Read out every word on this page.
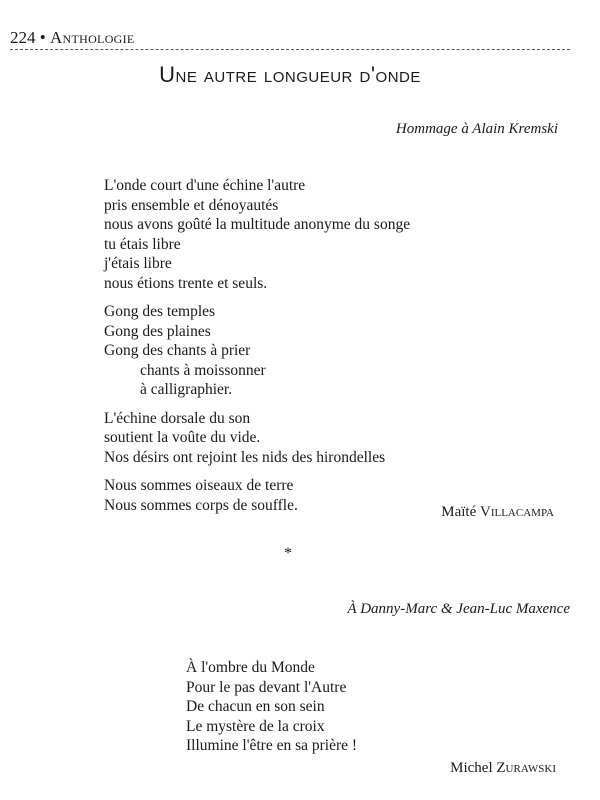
224 • Anthologie
Une autre longueur d'onde
Hommage à Alain Kremski
L'onde court d'une échine l'autre
pris ensemble et dénoyautés
nous avons goûté la multitude anonyme du songe
tu étais libre
j'étais libre
nous étions trente et seuls.
Gong des temples
Gong des plaines
Gong des chants à prier
chants à moissonner
à calligraphier.
L'échine dorsale du son
soutient la voûte du vide.
Nos désirs ont rejoint les nids des hirondelles
Nous sommes oiseaux de terre
Nous sommes corps de souffle.	Maïté Villacampa
*
À Danny-Marc & Jean-Luc Maxence
À l'ombre du Monde
Pour le pas devant l'Autre
De chacun en son sein
Le mystère de la croix
Illumine l'être en sa prière !
Michel Zurawski
